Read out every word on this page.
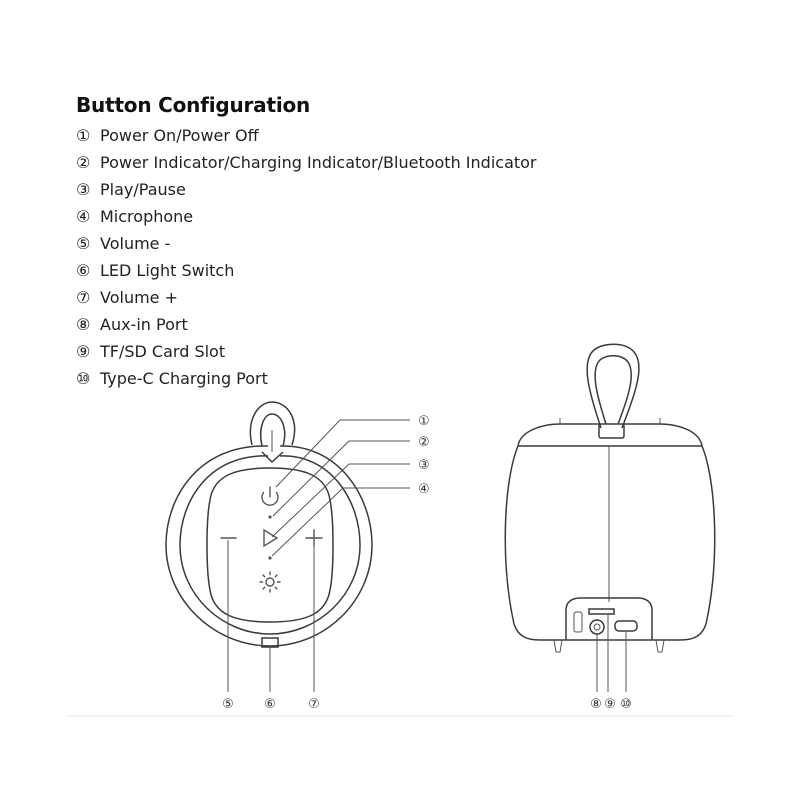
Button Configuration
① Power On/Power Off
② Power Indicator/Charging Indicator/Bluetooth Indicator
③ Play/Pause
④ Microphone
⑤ Volume -
⑥ LED Light Switch
⑦ Volume +
⑧ Aux-in Port
⑨ TF/SD Card Slot
⑩ Type-C Charging Port
①
②
③
④
⑤ ⑥ ⑦	⑧ ⑨ ⑩
